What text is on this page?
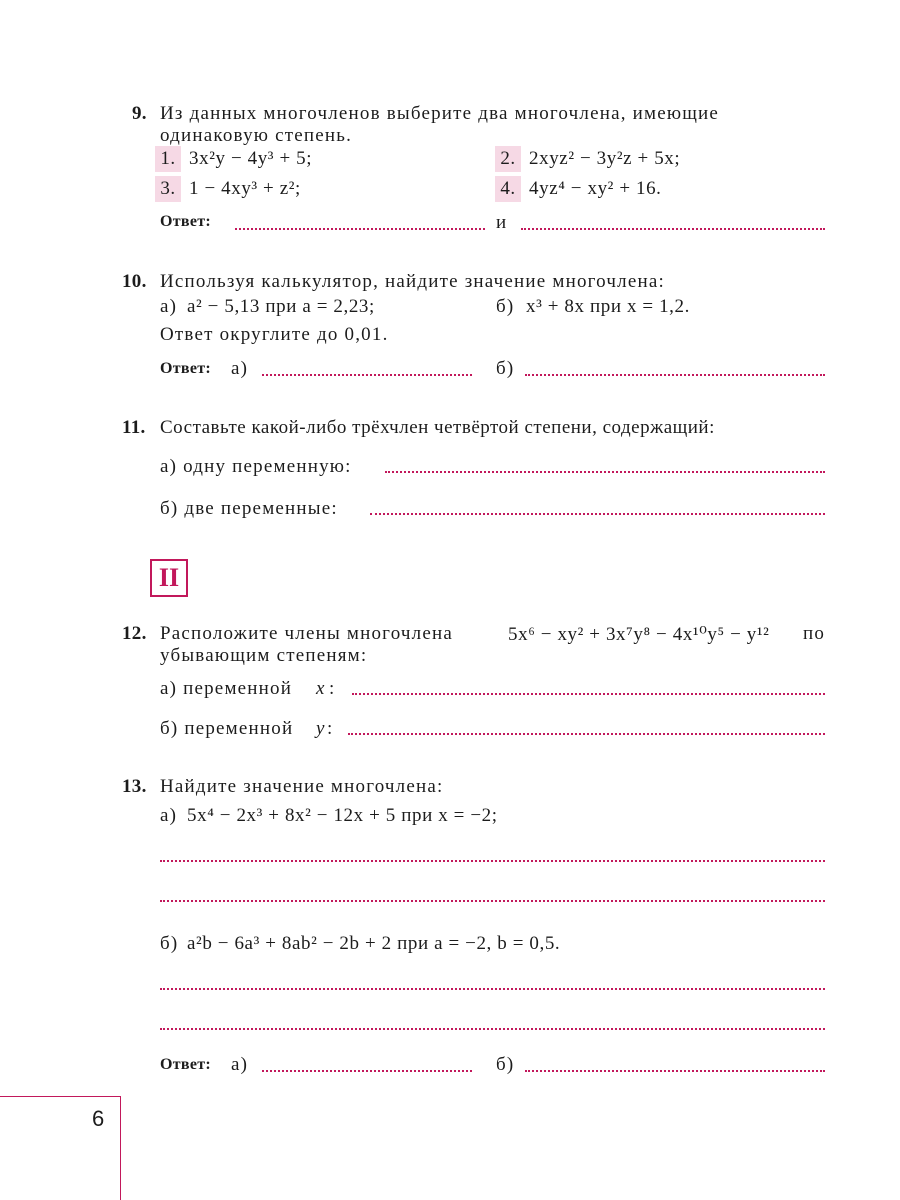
9. Из данных многочленов выберите два многочлена, имеющие
одинаковую степень.
1. 3x²y − 4y³ + 5;	2. 2xyz² − 3y²z + 5x;
3. 1 − 4xy³ + z²;	4. 4yz⁴ − xy² + 16.
Ответ:	и
10. Используя калькулятор, найдите значение многочлена:
а) a² − 5,13 при a = 2,23;	б) x³ + 8x при x = 1,2.
Ответ округлите до 0,01.
Ответ: а)	б)
11. Составьте какой-либо трёхчлен четвёртой степени, содержащий:
а) одну переменную:
б) две переменные:
II
12. Расположите члены многочлена	5x⁶ − xy² + 3x⁷y⁸ − 4x¹⁰y⁵ − y¹² по
убывающим степеням:
а) переменной x :
б) переменной y :
13. Найдите значение многочлена:
а) 5x⁴ − 2x³ + 8x² − 12x + 5 при x = −2;
б) a²b − 6a³ + 8ab² − 2b + 2 при a = −2, b = 0,5.
Ответ: а)	б)
6
